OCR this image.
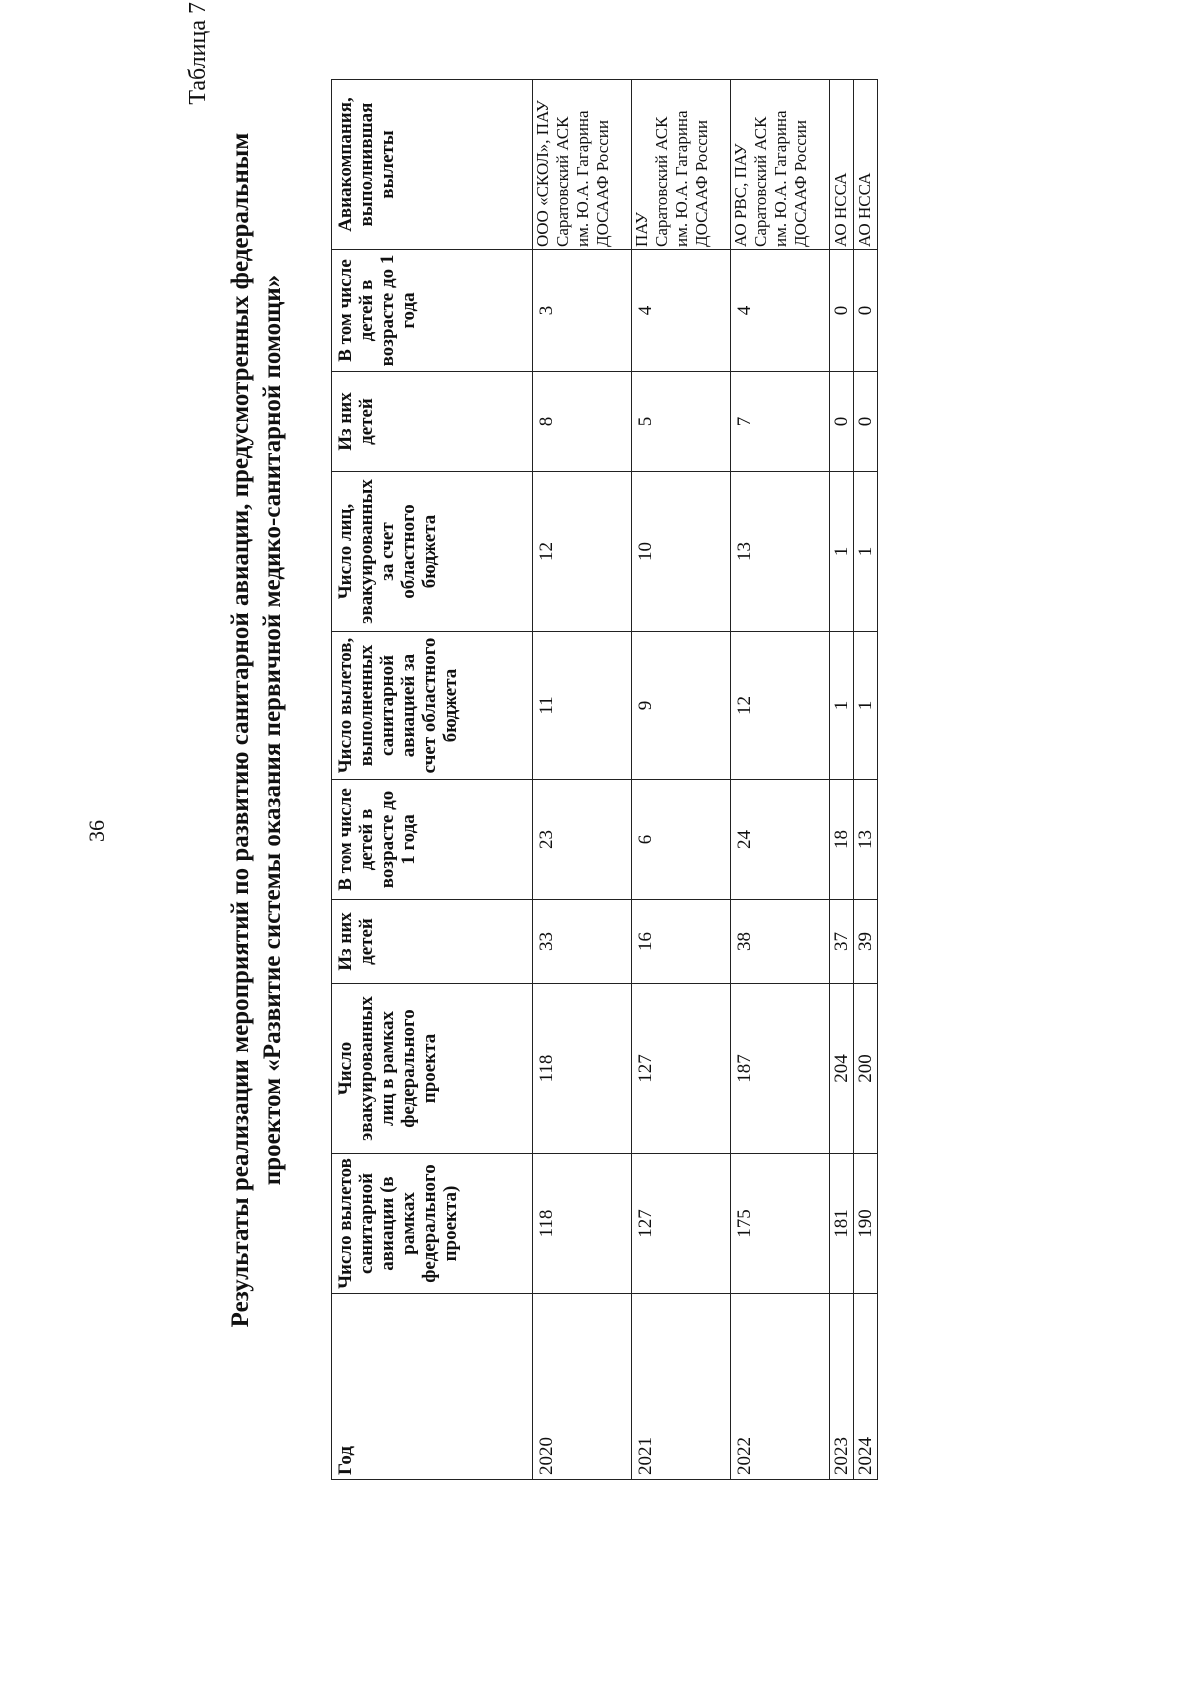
36
Таблица 7
Результаты реализации мероприятий по развитию санитарной авиации, предусмотренных федеральным проектом «Развитие системы оказания первичной медико-санитарной помощи»
Год	Число вылетов санитарной авиации (в рамках федерального проекта)	Число эвакуированных лиц в рамках федерального проекта	Из них детей	В том числе детей в возрасте до 1 года	Число вылетов, выполненных санитарной авиацией за счет областного бюджета	Число лиц, эвакуированных за счет областного бюджета	Из них детей	В том числе детей в возрасте до 1 года	Авиакомпания, выполнившая вылеты
2020	118	118	33	23	11	12	8	3	ООО «СКОЛ», ПАУ Саратовский АСК им. Ю.А. Гагарина ДОСААФ России

2021	127	127	16	6	9	10	5	4	ПАУ Саратовский АСК им. Ю.А. Гагарина ДОСААФ России

2022	175	187	38	24	12	13	7	4	АО РВС, ПАУ Саратовский АСК им. Ю.А. Гагарина ДОСААФ России

2023	181	204	37	18	1	1	0	0	АО НССА

2024	190	200	39	13	1	1	0	0	АО НССА
